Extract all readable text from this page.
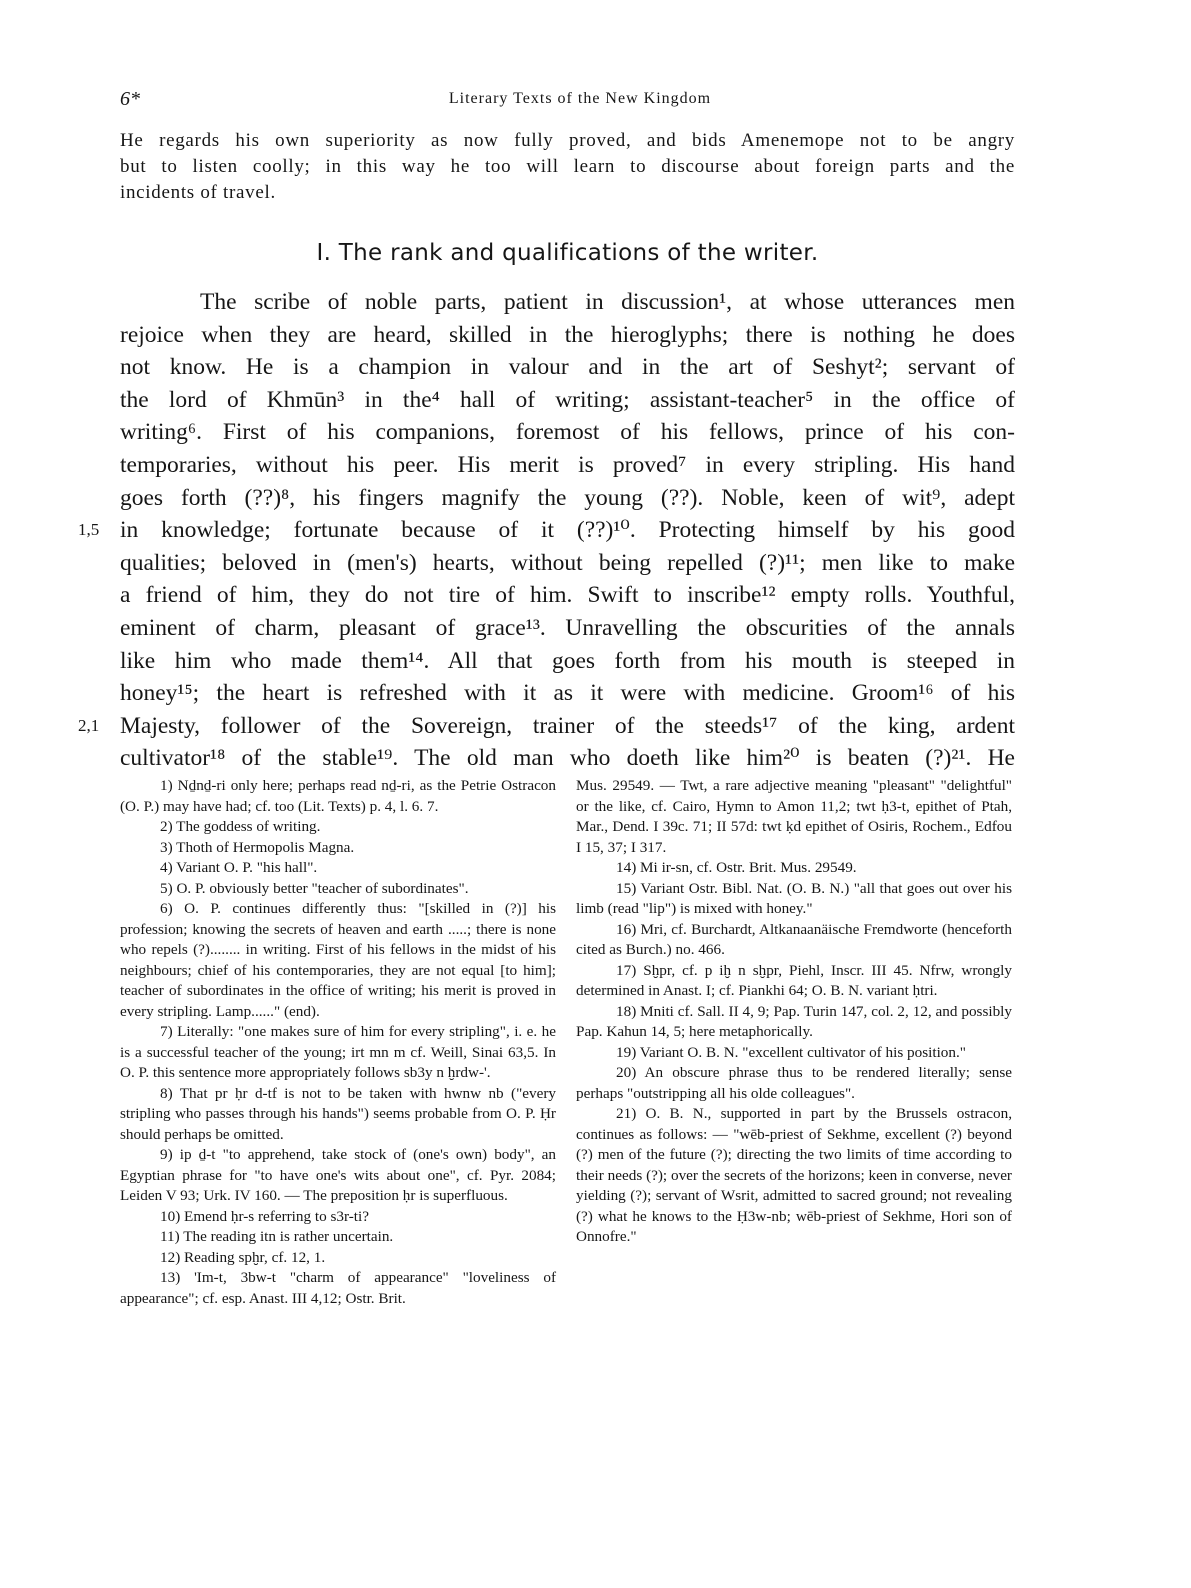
6*	Literary Texts of the New Kingdom
He regards his own superiority as now fully proved, and bids Amenemope not to be angry
but to listen coolly; in this way he too will learn to discourse about foreign parts and the
incidents of travel.
I. The rank and qualifications of the writer.
The scribe of noble parts, patient in discussion¹, at whose utterances men
rejoice when they are heard, skilled in the hieroglyphs; there is nothing he does
not know. He is a champion in valour and in the art of Seshyt²; servant of
the lord of Khmūn³ in the⁴ hall of writing; assistant-teacher⁵ in the office of
writing⁶. First of his companions, foremost of his fellows, prince of his con-
temporaries, without his peer. His merit is proved⁷ in every stripling. His hand
goes forth (??)⁸, his fingers magnify the young (??). Noble, keen of wit⁹, adept
1,5 in knowledge; fortunate because of it (??)¹⁰. Protecting himself by his good
qualities; beloved in (men's) hearts, without being repelled (?)¹¹; men like to make
a friend of him, they do not tire of him. Swift to inscribe¹² empty rolls. Youthful,
eminent of charm, pleasant of grace¹³. Unravelling the obscurities of the annals
like him who made them¹⁴. All that goes forth from his mouth is steeped in
honey¹⁵; the heart is refreshed with it as it were with medicine. Groom¹⁶ of his
2,1 Majesty, follower of the Sovereign, trainer of the steeds¹⁷ of the king, ardent
cultivator¹⁸ of the stable¹⁹. The old man who doeth like him²⁰ is beaten (?)²¹. He

1) Nḏnḏ-ri only here; perhaps read nḏ-ri, as the Petrie Ostracon (O. P.) may have had; cf. too (Lit. Texts) p. 4, l. 6. 7.

2) The goddess of writing.

3) Thoth of Hermopolis Magna.

4) Variant O. P. "his hall".

5) O. P. obviously better "teacher of subordinates".

6) O. P. continues differently thus: "[skilled in (?)] his profession; knowing the secrets of heaven and earth .....; there is none who repels (?)........ in writing. First of his fellows in the midst of his neighbours; chief of his contemporaries, they are not equal [to him]; teacher of subordinates in the office of writing; his merit is proved in every stripling. Lamp......" (end).

7) Literally: "one makes sure of him for every stripling", i. e. he is a successful teacher of the young; irt mn m cf. Weill, Sinai 63,5. In O. P. this sentence more appropriately follows sb3y n ḫrdw-'.

8) That pr ḥr d-tf is not to be taken with hwnw nb ("every stripling who passes through his hands") seems probable from O. P. Ḥr should perhaps be omitted.

9) ip ḏ-t "to apprehend, take stock of (one's own) body", an Egyptian phrase for "to have one's wits about one", cf. Pyr. 2084; Leiden V 93; Urk. IV 160. — The preposition ḥr is superfluous.

10) Emend ḥr-s referring to s3r-ti?

11) The reading itn is rather uncertain.

12) Reading spḫr, cf. 12, 1.

13) 'Im-t, 3bw-t "charm of appearance" "loveliness of appearance"; cf. esp. Anast. III 4,12; Ostr. Brit.

Mus. 29549. — Twt, a rare adjective meaning "pleasant" "delightful" or the like, cf. Cairo, Hymn to Amon 11,2; twt ḥ3-t, epithet of Ptah, Mar., Dend. I 39c. 71; II 57d: twt ḳd epithet of Osiris, Rochem., Edfou I 15, 37; I 317.

14) Mi ir-sn, cf. Ostr. Brit. Mus. 29549.

15) Variant Ostr. Bibl. Nat. (O. B. N.) "all that goes out over his limb (read "lip") is mixed with honey."

16) Mri, cf. Burchardt, Altkanaanäische Fremdworte (henceforth cited as Burch.) no. 466.

17) Sḫpr, cf. p iḫ n sḫpr, Piehl, Inscr. III 45. Nfrw, wrongly determined in Anast. I; cf. Piankhi 64; O. B. N. variant ḥtri.

18) Mniti cf. Sall. II 4, 9; Pap. Turin 147, col. 2, 12, and possibly Pap. Kahun 14, 5; here metaphorically.

19) Variant O. B. N. "excellent cultivator of his position."

20) An obscure phrase thus to be rendered literally; sense perhaps "outstripping all his olde colleagues".

21) O. B. N., supported in part by the Brussels ostracon, continues as follows: — "wēb-priest of Sekhme, excellent (?) beyond (?) men of the future (?); directing the two limits of time according to their needs (?); over the secrets of the horizons; keen in converse, never yielding (?); servant of Wsrit, admitted to sacred ground; not revealing (?) what he knows to the Ḥ3w-nb; wēb-priest of Sekhme, Hori son of Onnofre."
